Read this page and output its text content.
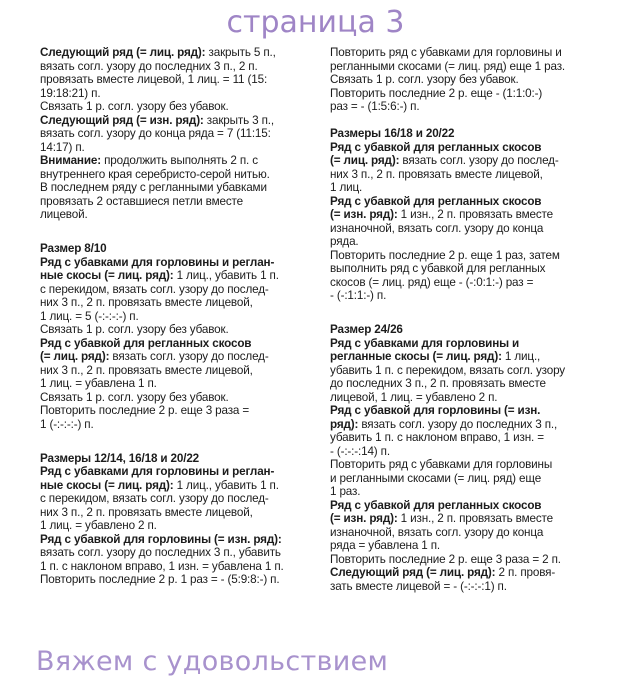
страница 3

Следующий ряд (= лиц. ряд): закрыть 5 п.,
вязать согл. узору до последних 3 п., 2 п.
провязать вместе лицевой, 1 лиц. = 11 (15:
19:18:21) п.

Связать 1 р. согл. узору без убавок.

Следующий ряд (= изн. ряд): закрыть 3 п.,
вязать согл. узору до конца ряда = 7 (11:15:
14:17) п.

Внимание: продолжить выполнять 2 п. с
внутреннего края серебристо-серой нитью.
В последнем ряду с регланными убавками
провязать 2 оставшиеся петли вместе
лицевой.

Размер 8/10

Ряд с убавками для горловины и реглан-
ные скосы (= лиц. ряд): 1 лиц., убавить 1 п.
с перекидом, вязать согл. узору до послед-
них 3 п., 2 п. провязать вместе лицевой,
1 лиц. = 5 (-:-:-:-) п.

Связать 1 р. согл. узору без убавок.

Ряд с убавкой для регланных скосов
(= лиц. ряд): вязать согл. узору до послед-
них 3 п., 2 п. провязать вместе лицевой,
1 лиц. = убавлена 1 п.

Связать 1 р. согл. узору без убавок.

Повторить последние 2 р. еще 3 раза =
1 (-:-:-:-) п.

Размеры 12/14, 16/18 и 20/22

Ряд с убавками для горловины и реглан-
ные скосы (= лиц. ряд): 1 лиц., убавить 1 п.
с перекидом, вязать согл. узору до послед-
них 3 п., 2 п. провязать вместе лицевой,
1 лиц. = убавлено 2 п.

Ряд с убавкой для горловины (= изн. ряд):
вязать согл. узору до последних 3 п., убавить
1 п. с наклоном вправо, 1 изн. = убавлена 1 п.

Повторить последние 2 р. 1 раз = - (5:9:8:-) п.

Повторить ряд с убавками для горловины и
регланными скосами (= лиц. ряд) еще 1 раз.
Связать 1 р. согл. узору без убавок.
Повторить последние 2 р. еще - (1:1:0:-)
раз = - (1:5:6:-) п.

Размеры 16/18 и 20/22

Ряд с убавкой для регланных скосов
(= лиц. ряд): вязать согл. узору до послед-
них 3 п., 2 п. провязать вместе лицевой,
1 лиц.

Ряд с убавкой для регланных скосов
(= изн. ряд): 1 изн., 2 п. провязать вместе
изнаночной, вязать согл. узору до конца
ряда.

Повторить последние 2 р. еще 1 раз, затем
выполнить ряд с убавкой для регланных
скосов (= лиц. ряд) еще - (-:0:1:-) раз =
- (-:1:1:-) п.

Размер 24/26

Ряд с убавками для горловины и
регланные скосы (= лиц. ряд): 1 лиц.,
убавить 1 п. с перекидом, вязать согл. узору
до последних 3 п., 2 п. провязать вместе
лицевой, 1 лиц. = убавлено 2 п.

Ряд с убавкой для горловины (= изн.
ряд): вязать согл. узору до последних 3 п.,
убавить 1 п. с наклоном вправо, 1 изн. =
- (-:-:-:14) п.

Повторить ряд с убавками для горловины
и регланными скосами (= лиц. ряд) еще
1 раз.

Ряд с убавкой для регланных скосов
(= изн. ряд): 1 изн., 2 п. провязать вместе
изнаночной, вязать согл. узору до конца
ряда = убавлена 1 п.

Повторить последние 2 р. еще 3 раза = 2 п.

Следующий ряд (= лиц. ряд): 2 п. провя-
зать вместе лицевой = - (-:-:-:1) п.

Вяжем с удовольствием
